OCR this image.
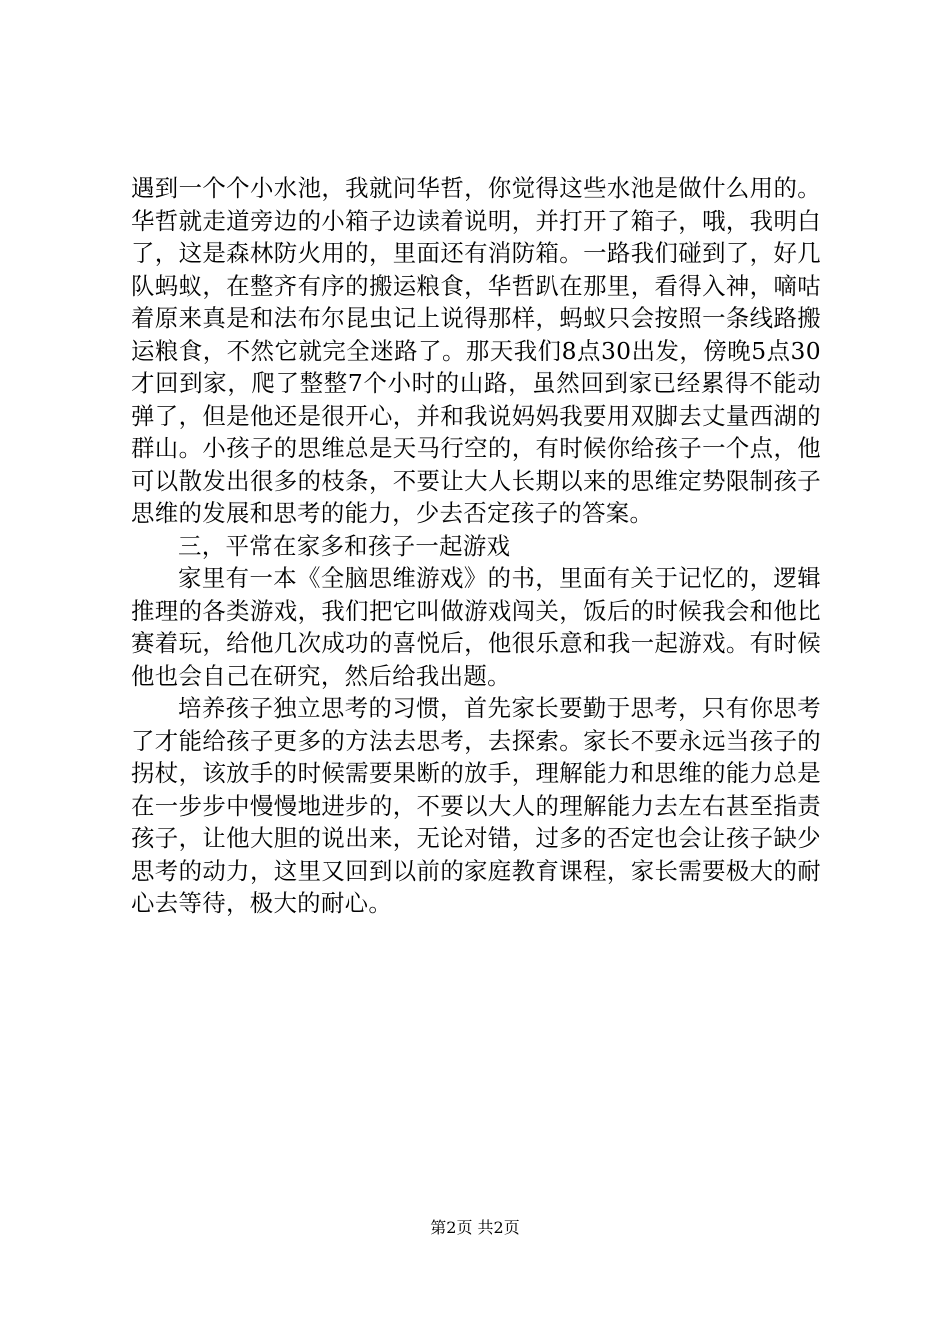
遇到一个个小水池，我就问华哲，你觉得这些水池是做什么用的。华哲就走道旁边的小箱子边读着说明，并打开了箱子，哦，我明白了，这是森林防火用的，里面还有消防箱。一路我们碰到了，好几队蚂蚁，在整齐有序的搬运粮食，华哲趴在那里，看得入神，嘀咕着原来真是和法布尔昆虫记上说得那样，蚂蚁只会按照一条线路搬运粮食，不然它就完全迷路了。那天我们8点30出发，傍晚5点30才回到家，爬了整整7个小时的山路，虽然回到家已经累得不能动弹了，但是他还是很开心，并和我说妈妈我要用双脚去丈量西湖的群山。小孩子的思维总是天马行空的，有时候你给孩子一个点，他可以散发出很多的枝条，不要让大人长期以来的思维定势限制孩子思维的发展和思考的能力，少去否定孩子的答案。

三，平常在家多和孩子一起游戏

家里有一本《全脑思维游戏》的书，里面有关于记忆的，逻辑推理的各类游戏，我们把它叫做游戏闯关，饭后的时候我会和他比赛着玩，给他几次成功的喜悦后，他很乐意和我一起游戏。有时候他也会自己在研究，然后给我出题。

培养孩子独立思考的习惯，首先家长要勤于思考，只有你思考了才能给孩子更多的方法去思考，去探索。家长不要永远当孩子的拐杖，该放手的时候需要果断的放手，理解能力和思维的能力总是在一步步中慢慢地进步的，不要以大人的理解能力去左右甚至指责孩子，让他大胆的说出来，无论对错，过多的否定也会让孩子缺少思考的动力，这里又回到以前的家庭教育课程，家长需要极大的耐心去等待，极大的耐心。

第2页 共2页
